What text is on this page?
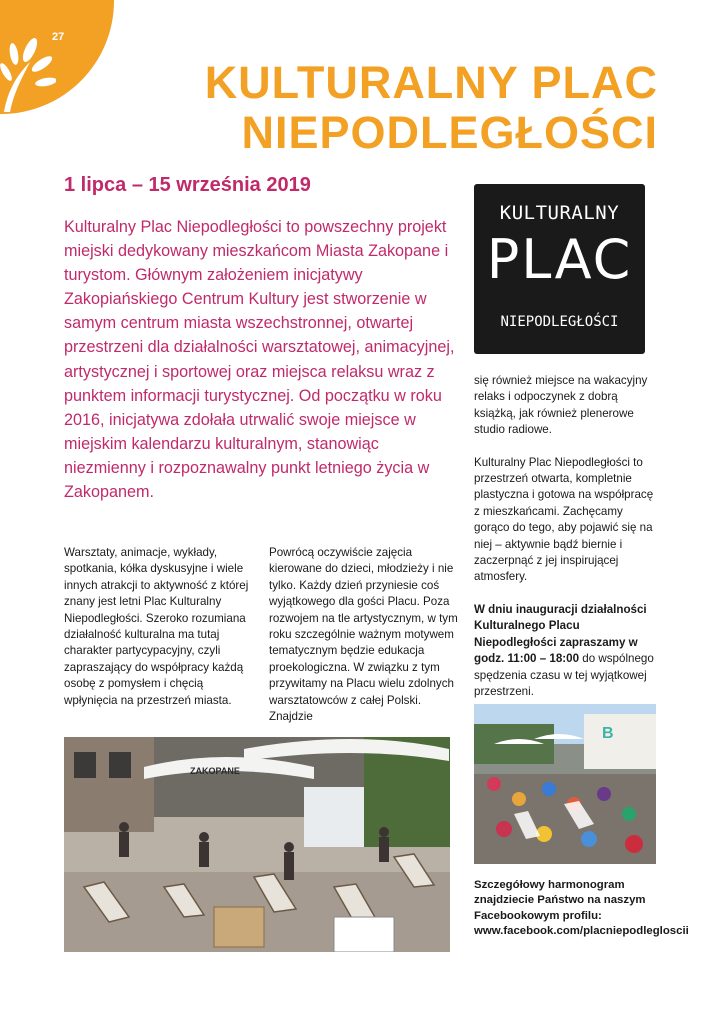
27
KULTURALNY PLAC
NIEPODLEGŁOŚCI
1 lipca – 15 września 2019

Kulturalny Plac Niepodległości to powszechny projekt miejski dedykowany mieszkańcom Miasta Zakopane i turystom. Głównym założeniem inicjatywy Zakopiańskiego Centrum Kultury jest stworzenie w samym centrum miasta wszechstronnej, otwartej przestrzeni dla działalności warsztatowej, animacyjnej, artystycznej i sportowej oraz miejsca relaksu wraz z punktem informacji turystycznej. Od początku w roku 2016, inicjatywa zdołała utrwalić swoje miejsce w miejskim kalendarzu kulturalnym, stanowiąc niezmienny i rozpoznawalny punkt letniego życia w Zakopanem.

KULTURALNY
PLAC
NIEPODLEGŁOŚCI

Warsztaty, animacje, wykłady, spotkania, kółka dyskusyjne i wiele innych atrakcji to aktywność z której znany jest letni Plac Kulturalny Niepodległości. Szeroko rozumiana działalność kulturalna ma tutaj charakter partycypacyjny, czyli zapraszający do współpracy każdą osobę z pomysłem i chęcią wpłynięcia na przestrzeń miasta.

Powrócą oczywiście zajęcia kierowane do dzieci, młodzieży i nie tylko. Każdy dzień przyniesie coś wyjątkowego dla gości Placu. Poza rozwojem na tle artystycznym, w tym roku szczególnie ważnym motywem tematycznym będzie edukacja proekologiczna. W związku z tym przywitamy na Placu wielu zdolnych warsztatowców z całej Polski. Znajdzie

się również miejsce na wakacyjny relaks i odpoczynek z dobrą książką, jak również plenerowe studio radiowe.

Kulturalny Plac Niepodległości to przestrzeń otwarta, kompletnie plastyczna i gotowa na współpracę z mieszkańcami. Zachęcamy gorąco do tego, aby pojawić się na niej – aktywnie bądź biernie i zaczerpnąć z jej inspirującej atmosfery.

W dniu inauguracji działalności Kulturalnego Placu Niepodległości zapraszamy w godz. 11:00 – 18:00 do wspólnego spędzenia czasu w tej wyjątkowej przestrzeni.

ZAKOPANE
B

Szczegółowy harmonogram znajdziecie Państwo na naszym Facebookowym profilu: www.facebook.com/placniepodlegloscii
